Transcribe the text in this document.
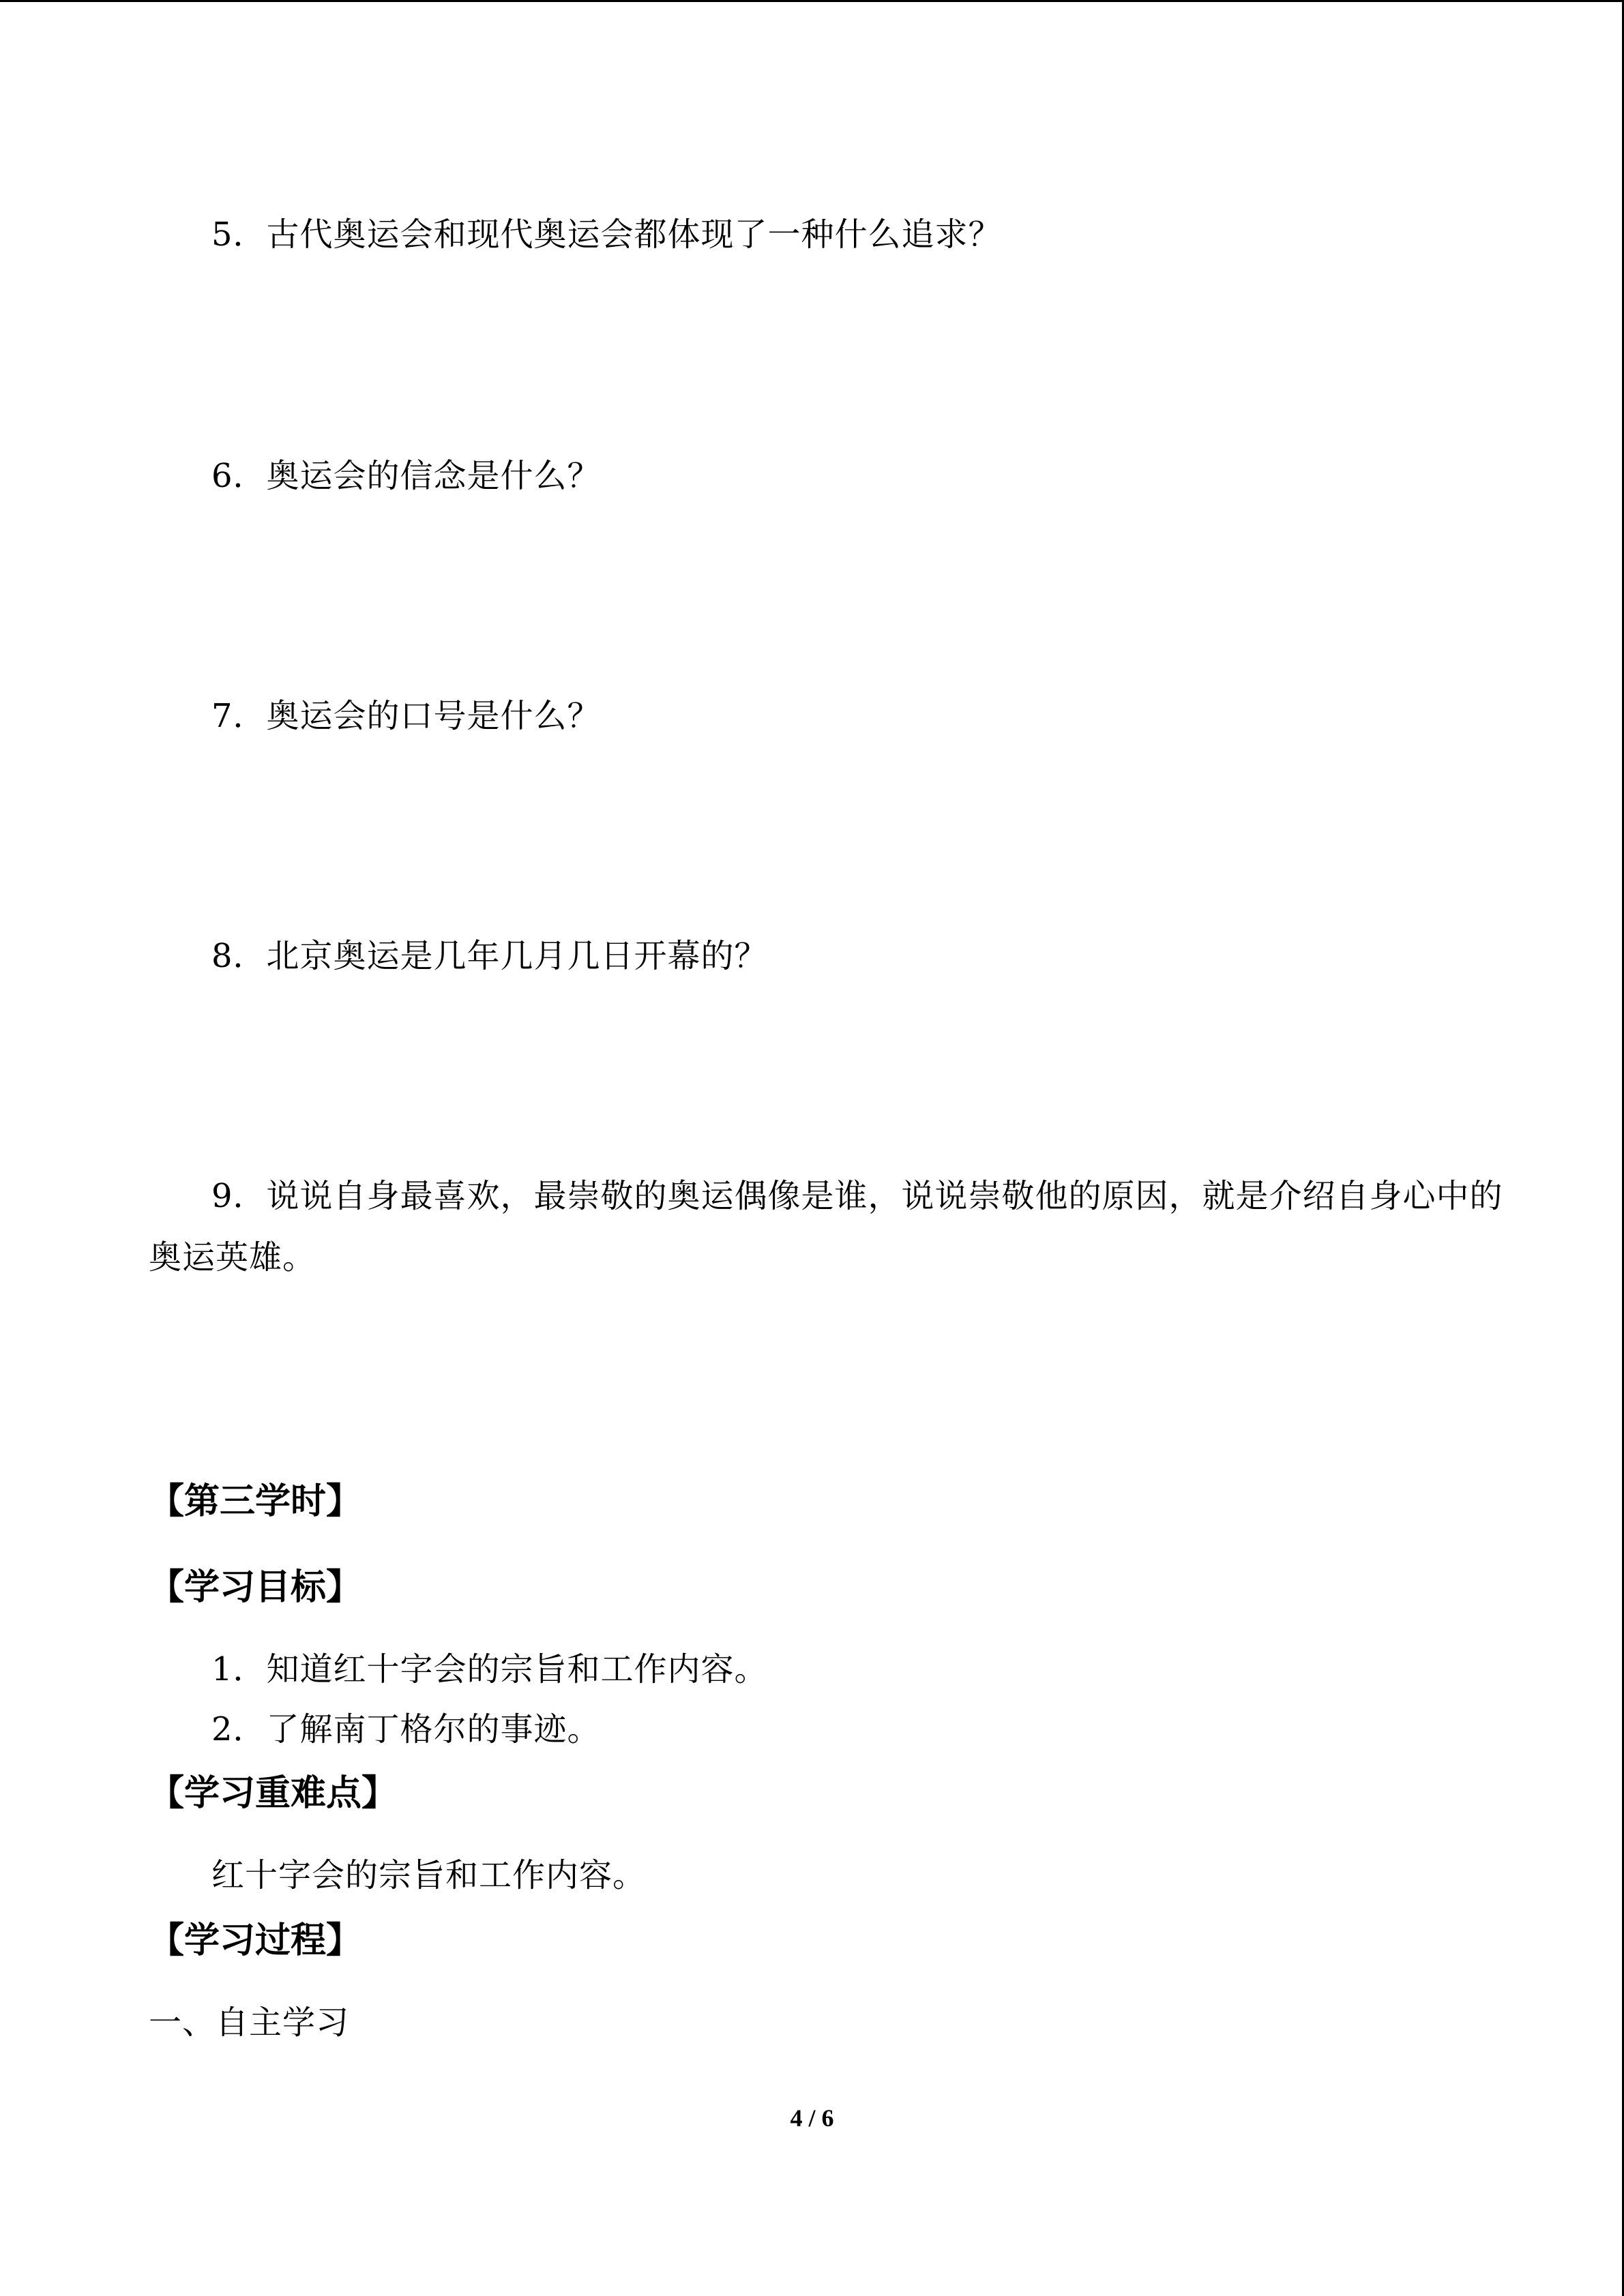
5．古代奥运会和现代奥运会都体现了一种什么追求？
6．奥运会的信念是什么？
7．奥运会的口号是什么？
8．北京奥运是几年几月几日开幕的？
9．说说自身最喜欢，最崇敬的奥运偶像是谁，说说崇敬他的原因，就是介绍自身心中的
奥运英雄。
【第三学时】
【学习目标】
1．知道红十字会的宗旨和工作内容。
2．了解南丁格尔的事迹。
【学习重难点】
红十字会的宗旨和工作内容。
【学习过程】
一、自主学习
4 / 6
